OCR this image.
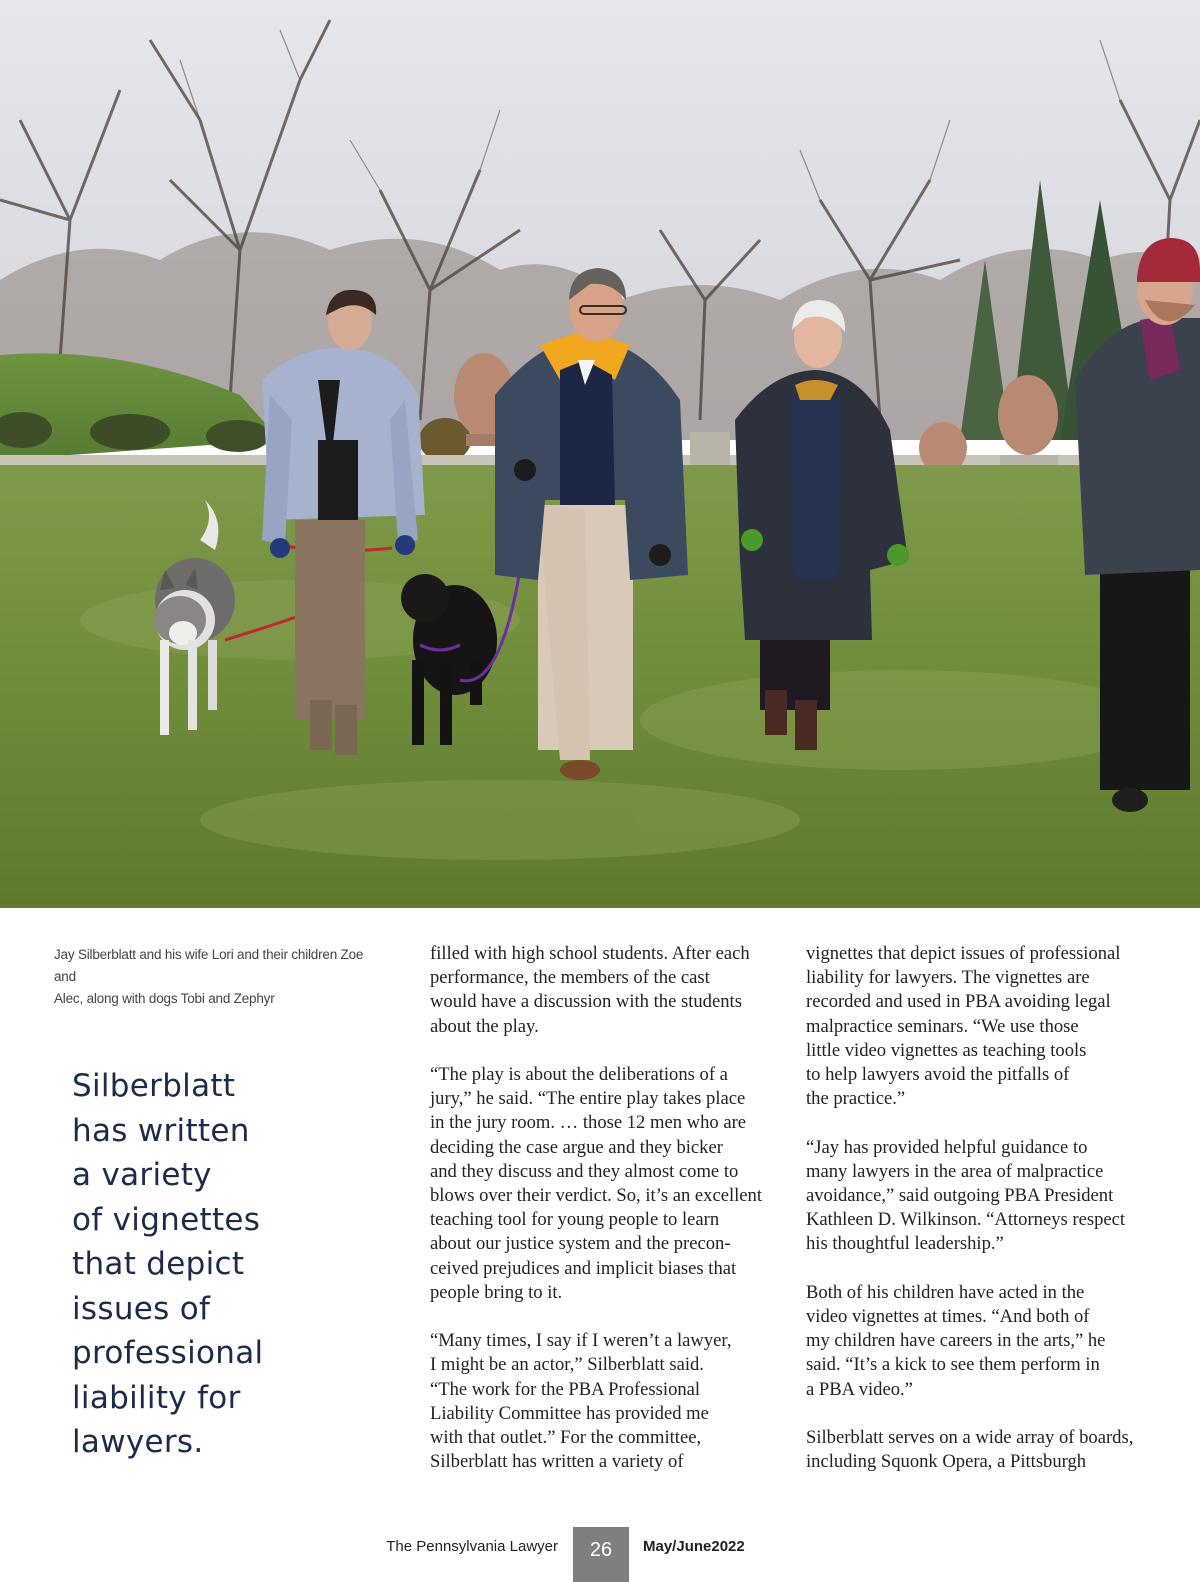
Jay Silberblatt and his wife Lori and their children Zoe and
Alec, along with dogs Tobi and Zephyr
Silberblatt
has written
a variety
of vignettes
that depict
issues of
professional
liability for
lawyers.

filled with high school students. After each
performance, the members of the cast
would have a discussion with the students
about the play.

“The play is about the deliberations of a
jury,” he said. “The entire play takes place
in the jury room. … those 12 men who are
deciding the case argue and they bicker
and they discuss and they almost come to
blows over their verdict. So, it’s an excellent
teaching tool for young people to learn
about our justice system and the precon-
ceived prejudices and implicit biases that
people bring to it.

“Many times, I say if I weren’t a lawyer,
I might be an actor,” Silberblatt said.
“The work for the PBA Professional
Liability Committee has provided me
with that outlet.” For the committee,
Silberblatt has written a variety of

vignettes that depict issues of professional
liability for lawyers. The vignettes are
recorded and used in PBA avoiding legal
malpractice seminars. “We use those
little video vignettes as teaching tools
to help lawyers avoid the pitfalls of
the practice.”

“Jay has provided helpful guidance to
many lawyers in the area of malpractice
avoidance,” said outgoing PBA President
Kathleen D. Wilkinson. “Attorneys respect
his thoughtful leadership.”

Both of his children have acted in the
video vignettes at times. “And both of
my children have careers in the arts,” he
said. “It’s a kick to see them perform in
a PBA video.”

Silberblatt serves on a wide array of boards,
including Squonk Opera, a Pittsburgh

The Pennsylvania Lawyer	26	May/June2022
